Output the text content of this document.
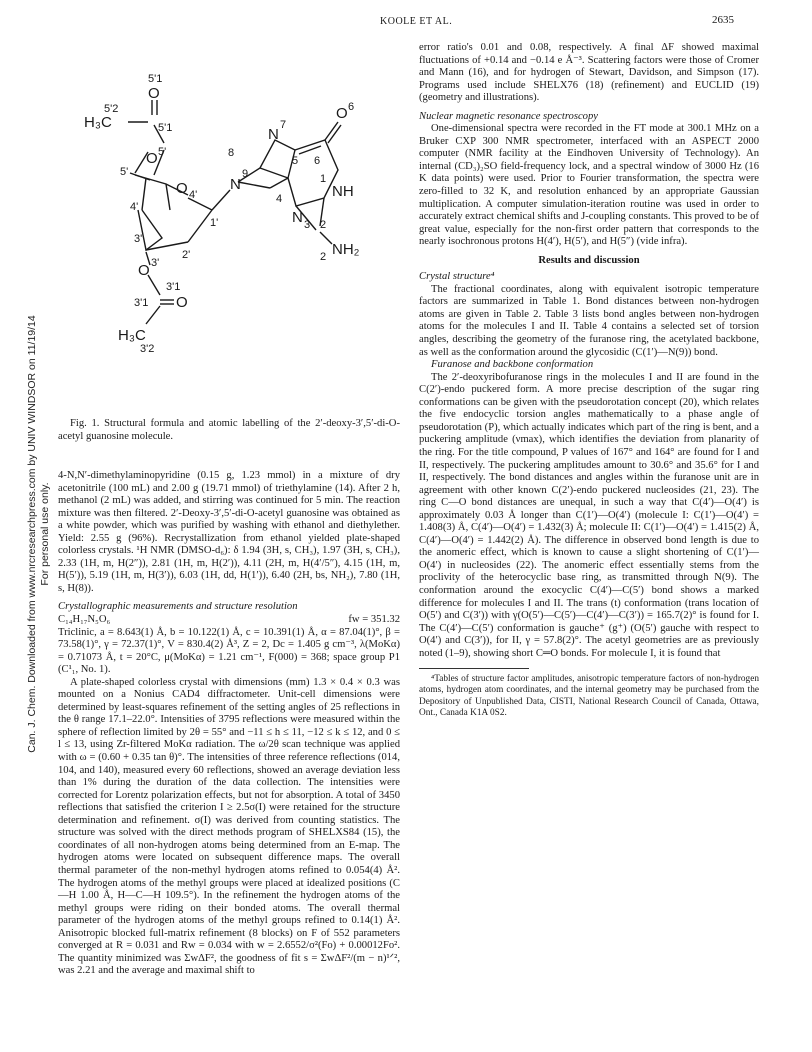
KOOLE ET AL.	2635
Can. J. Chem. Downloaded from www.nrcresearchpress.com by UNIV WINDSOR on 11/19/14 For personal use only.
5'1
O
5'2
H₃C	5'1
O 5'
5'
O 4'
4'
1'
3'
2'
O 3'
3'1
3'1 O
H₃C
3'2
8
N
7
O 6
N
9
5 6
4
1
NH
N 3 2
NH₂
2
Fig. 1. Structural formula and atomic labelling of the 2′-deoxy-3′,5′-di-O-acetyl guanosine molecule.

4-N,N′-dimethylaminopyridine (0.15 g, 1.23 mmol) in a mixture of dry acetonitrile (100 mL) and 2.00 g (19.71 mmol) of triethylamine (14). After 2 h, methanol (2 mL) was added, and stirring was continued for 5 min. The reaction mixture was then filtered. 2′-Deoxy-3′,5′-di-O-acetyl guanosine was obtained as a white powder, which was purified by washing with ethanol and diethylether. Yield: 2.55 g (96%). Recrystallization from ethanol yielded plate-shaped colorless crystals. ¹H NMR (DMSO-d₆): δ 1.94 (3H, s, CH₃), 1.97 (3H, s, CH₃), 2.33 (1H, m, H(2″)), 2.81 (1H, m, H(2′)), 4.11 (2H, m, H(4′/5″), 4.15 (1H, m, H(5′)), 5.19 (1H, m, H(3′)), 6.03 (1H, dd, H(1′)), 6.40 (2H, bs, NH₂), 7.80 (1H, s, H(8)).

Crystallographic measurements and structure resolution

C₁₄H₁₇N₅O₆	fw = 351.32

Triclinic, a = 8.643(1) Å, b = 10.122(1) Å, c = 10.391(1) Å, α = 87.04(1)°, β = 73.58(1)°, γ = 72.37(1)°, V = 830.4(2) Å³, Z = 2, Dc = 1.405 g cm⁻³, λ(MoKα) = 0.71073 Å, t = 20°C, μ(MoKα) = 1.21 cm⁻¹, F(000) = 368; space group P1 (C¹₁, No. 1).

A plate-shaped colorless crystal with dimensions (mm) 1.3 × 0.4 × 0.3 was mounted on a Nonius CAD4 diffractometer. Unit-cell dimensions were determined by least-squares refinement of the setting angles of 25 reflections in the θ range 17.1–22.0°. Intensities of 3795 reflections were measured within the sphere of reflection limited by 2θ = 55° and −11 ≤ h ≤ 11, −12 ≤ k ≤ 12, and 0 ≤ l ≤ 13, using Zr-filtered MoKα radiation. The ω/2θ scan technique was applied with ω = (0.60 + 0.35 tan θ)°. The intensities of three reference reflections (014, 104, and 140), measured every 60 reflections, showed an average deviation less than 1% during the duration of the data collection. The intensities were corrected for Lorentz polarization effects, but not for absorption. A total of 3450 reflections that satisfied the criterion I ≥ 2.5σ(I) were retained for the structure determination and refinement. σ(I) was derived from counting statistics. The structure was solved with the direct methods program of SHELXS84 (15), the coordinates of all non-hydrogen atoms being determined from an E-map. The hydrogen atoms were located on subsequent difference maps. The overall thermal parameter of the non-methyl hydrogen atoms refined to 0.054(4) Å². The hydrogen atoms of the methyl groups were placed at idealized positions (C—H 1.00 Å, H—C—H 109.5°). In the refinement the hydrogen atoms of the methyl groups were riding on their bonded atoms. The overall thermal parameter of the hydrogen atoms of the methyl groups refined to 0.14(1) Å². Anisotropic blocked full-matrix refinement (8 blocks) on F of 552 parameters converged at R = 0.031 and Rw = 0.034 with w = 2.6552/σ²(Fo) + 0.00012Fo². The quantity minimized was ΣwΔF², the goodness of fit s = ΣwΔF²/(m − n)¹ᐟ², was 2.21 and the average and maximal shift to

error ratio's 0.01 and 0.08, respectively. A final ΔF showed maximal fluctuations of +0.14 and −0.14 e Å⁻³. Scattering factors were those of Cromer and Mann (16), and for hydrogen of Stewart, Davidson, and Simpson (17). Programs used include SHELX76 (18) (refinement) and EUCLID (19) (geometry and illustrations).

Nuclear magnetic resonance spectroscopy

One-dimensional spectra were recorded in the FT mode at 300.1 MHz on a Bruker CXP 300 NMR spectrometer, interfaced with an ASPECT 2000 computer (NMR facility at the Eindhoven University of Technology). An internal (CD₃)₂SO field-frequency lock, and a spectral window of 3000 Hz (16 K data points) were used. Prior to Fourier transformation, the spectra were zero-filled to 32 K, and resolution enhanced by an appropriate Gaussian multiplication. A computer simulation-iteration routine was used in order to accurately extract chemical shifts and J-coupling constants. This proved to be of great value, especially for the non-first order pattern that corresponds to the nearly isochronous protons H(4′), H(5′), and H(5″) (vide infra).

Results and discussion

Crystal structure⁴

The fractional coordinates, along with equivalent isotropic temperature factors are summarized in Table 1. Bond distances between non-hydrogen atoms are given in Table 2. Table 3 lists bond angles between non-hydrogen atoms for the molecules I and II. Table 4 contains a selected set of torsion angles, describing the geometry of the furanose ring, the acetylated backbone, as well as the conformation around the glycosidic (C(1′)—N(9)) bond.

Furanose and backbone conformation

The 2′-deoxyribofuranose rings in the molecules I and II are found in the C(2′)-endo puckered form. A more precise description of the sugar ring conformations can be given with the pseudorotation concept (20), which relates the five endocyclic torsion angles mathematically to a phase angle of pseudorotation (P), which actually indicates which part of the ring is bent, and a puckering amplitude (νmax), which identifies the deviation from planarity of the ring. For the title compound, P values of 167° and 164° are found for I and II, respectively. The puckering amplitudes amount to 30.6° and 35.6° for I and II, respectively. The bond distances and angles within the furanose unit are in agreement with other known C(2′)-endo puckered nucleosides (21, 23). The ring C—O bond distances are unequal, in such a way that C(4′)—O(4′) is approximately 0.03 Å longer than C(1′)—O(4′) (molecule I: C(1′)—O(4′) = 1.408(3) Å, C(4′)—O(4′) = 1.432(3) Å; molecule II: C(1′)—O(4′) = 1.415(2) Å, C(4′)—O(4′) = 1.442(2) Å). The difference in observed bond length is due to the anomeric effect, which is known to cause a slight shortening of C(1′)—O(4′) in nucleosides (22). The anomeric effect essentially stems from the proclivity of the heterocyclic base ring, as transmitted through N(9). The conformation around the exocyclic C(4′)—C(5′) bond shows a marked difference for molecules I and II. The trans (t) conformation (trans location of O(5′) and C(3′)) with γ(O(5′)—C(5′)—C(4′)—C(3′)) = 165.7(2)° is found for I. The C(4′)—C(5′) conformation is gauche⁺ (g⁺) (O(5′) gauche with respect to O(4′) and C(3′)), for II, γ = 57.8(2)°. The acetyl geometries are as previously noted (1–9), showing short C═O bonds. For molecule I, it is found that

⁴Tables of structure factor amplitudes, anisotropic temperature factors of non-hydrogen atoms, hydrogen atom coordinates, and the internal geometry may be purchased from the Depository of Unpublished Data, CISTI, National Research Council of Canada, Ottawa, Ont., Canada K1A 0S2.
